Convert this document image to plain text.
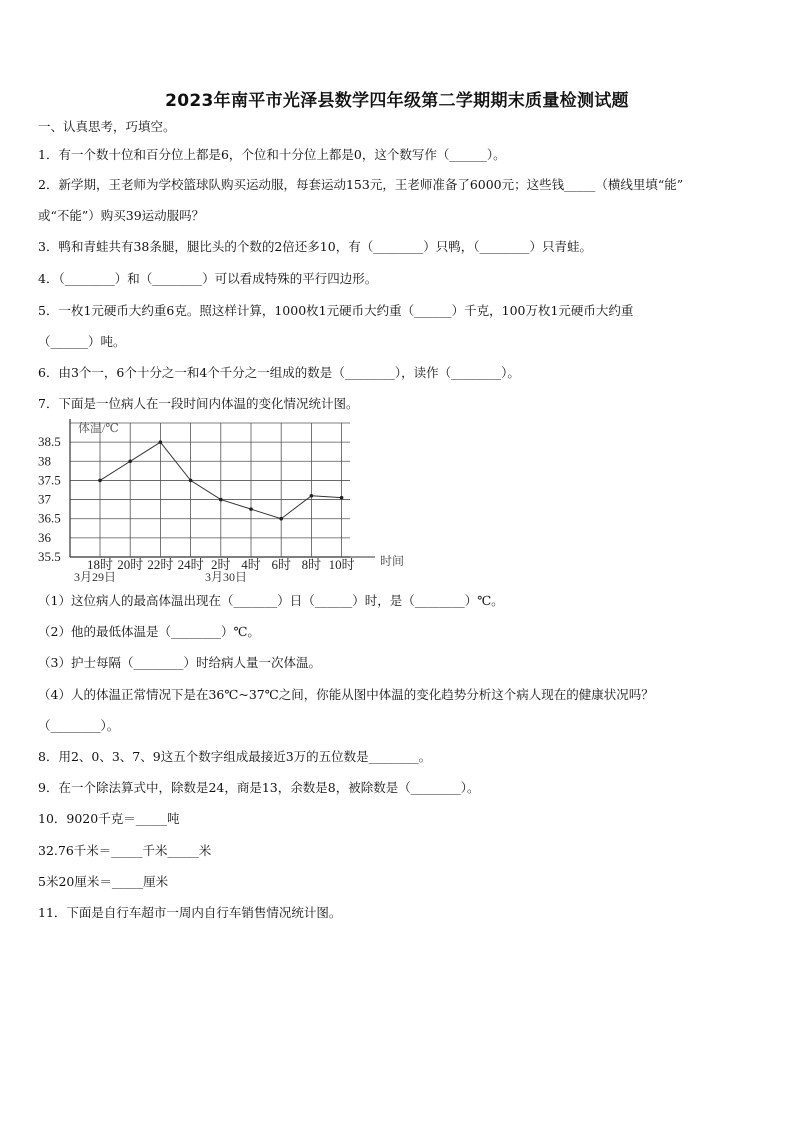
2023年南平市光泽县数学四年级第二学期期末质量检测试题
一、认真思考，巧填空。
1．有一个数十位和百分位上都是6，个位和十分位上都是0，这个数写作（______）。
2．新学期，王老师为学校篮球队购买运动服，每套运动153元，王老师准备了6000元；这些钱_____（横线里填“能”
或“不能”）购买39运动服吗？
3．鸭和青蛙共有38条腿，腿比头的个数的2倍还多10，有（________）只鸭，（________）只青蛙。
4．（________）和（________）可以看成特殊的平行四边形。
5．一枚1元硬币大约重6克。照这样计算，1000枚1元硬币大约重（______）千克，100万枚1元硬币大约重
（______）吨。
6．由3个一，6个十分之一和4个千分之一组成的数是（________），读作（________）。
7．下面是一位病人在一段时间内体温的变化情况统计图。
体温/℃
35.5
36
36.5
37
37.5
38
38.5
18时 20时 22时 24时 2时 4时 6时 8时 10时 时间
3月29日	3月30日
（1）这位病人的最高体温出现在（_______）日（______）时，是（________）℃。
（2）他的最低体温是（________）℃。
（3）护士每隔（________）时给病人量一次体温。
（4）人的体温正常情况下是在36℃~37℃之间，你能从图中体温的变化趋势分析这个病人现在的健康状况吗？
（________）。
8．用2、0、3、7、9这五个数字组成最接近3万的五位数是________。
9．在一个除法算式中，除数是24，商是13，余数是8，被除数是（________）。
10．9020千克＝_____吨
32.76千米＝_____千米_____米
5米20厘米＝_____厘米
11．下面是自行车超市一周内自行车销售情况统计图。
